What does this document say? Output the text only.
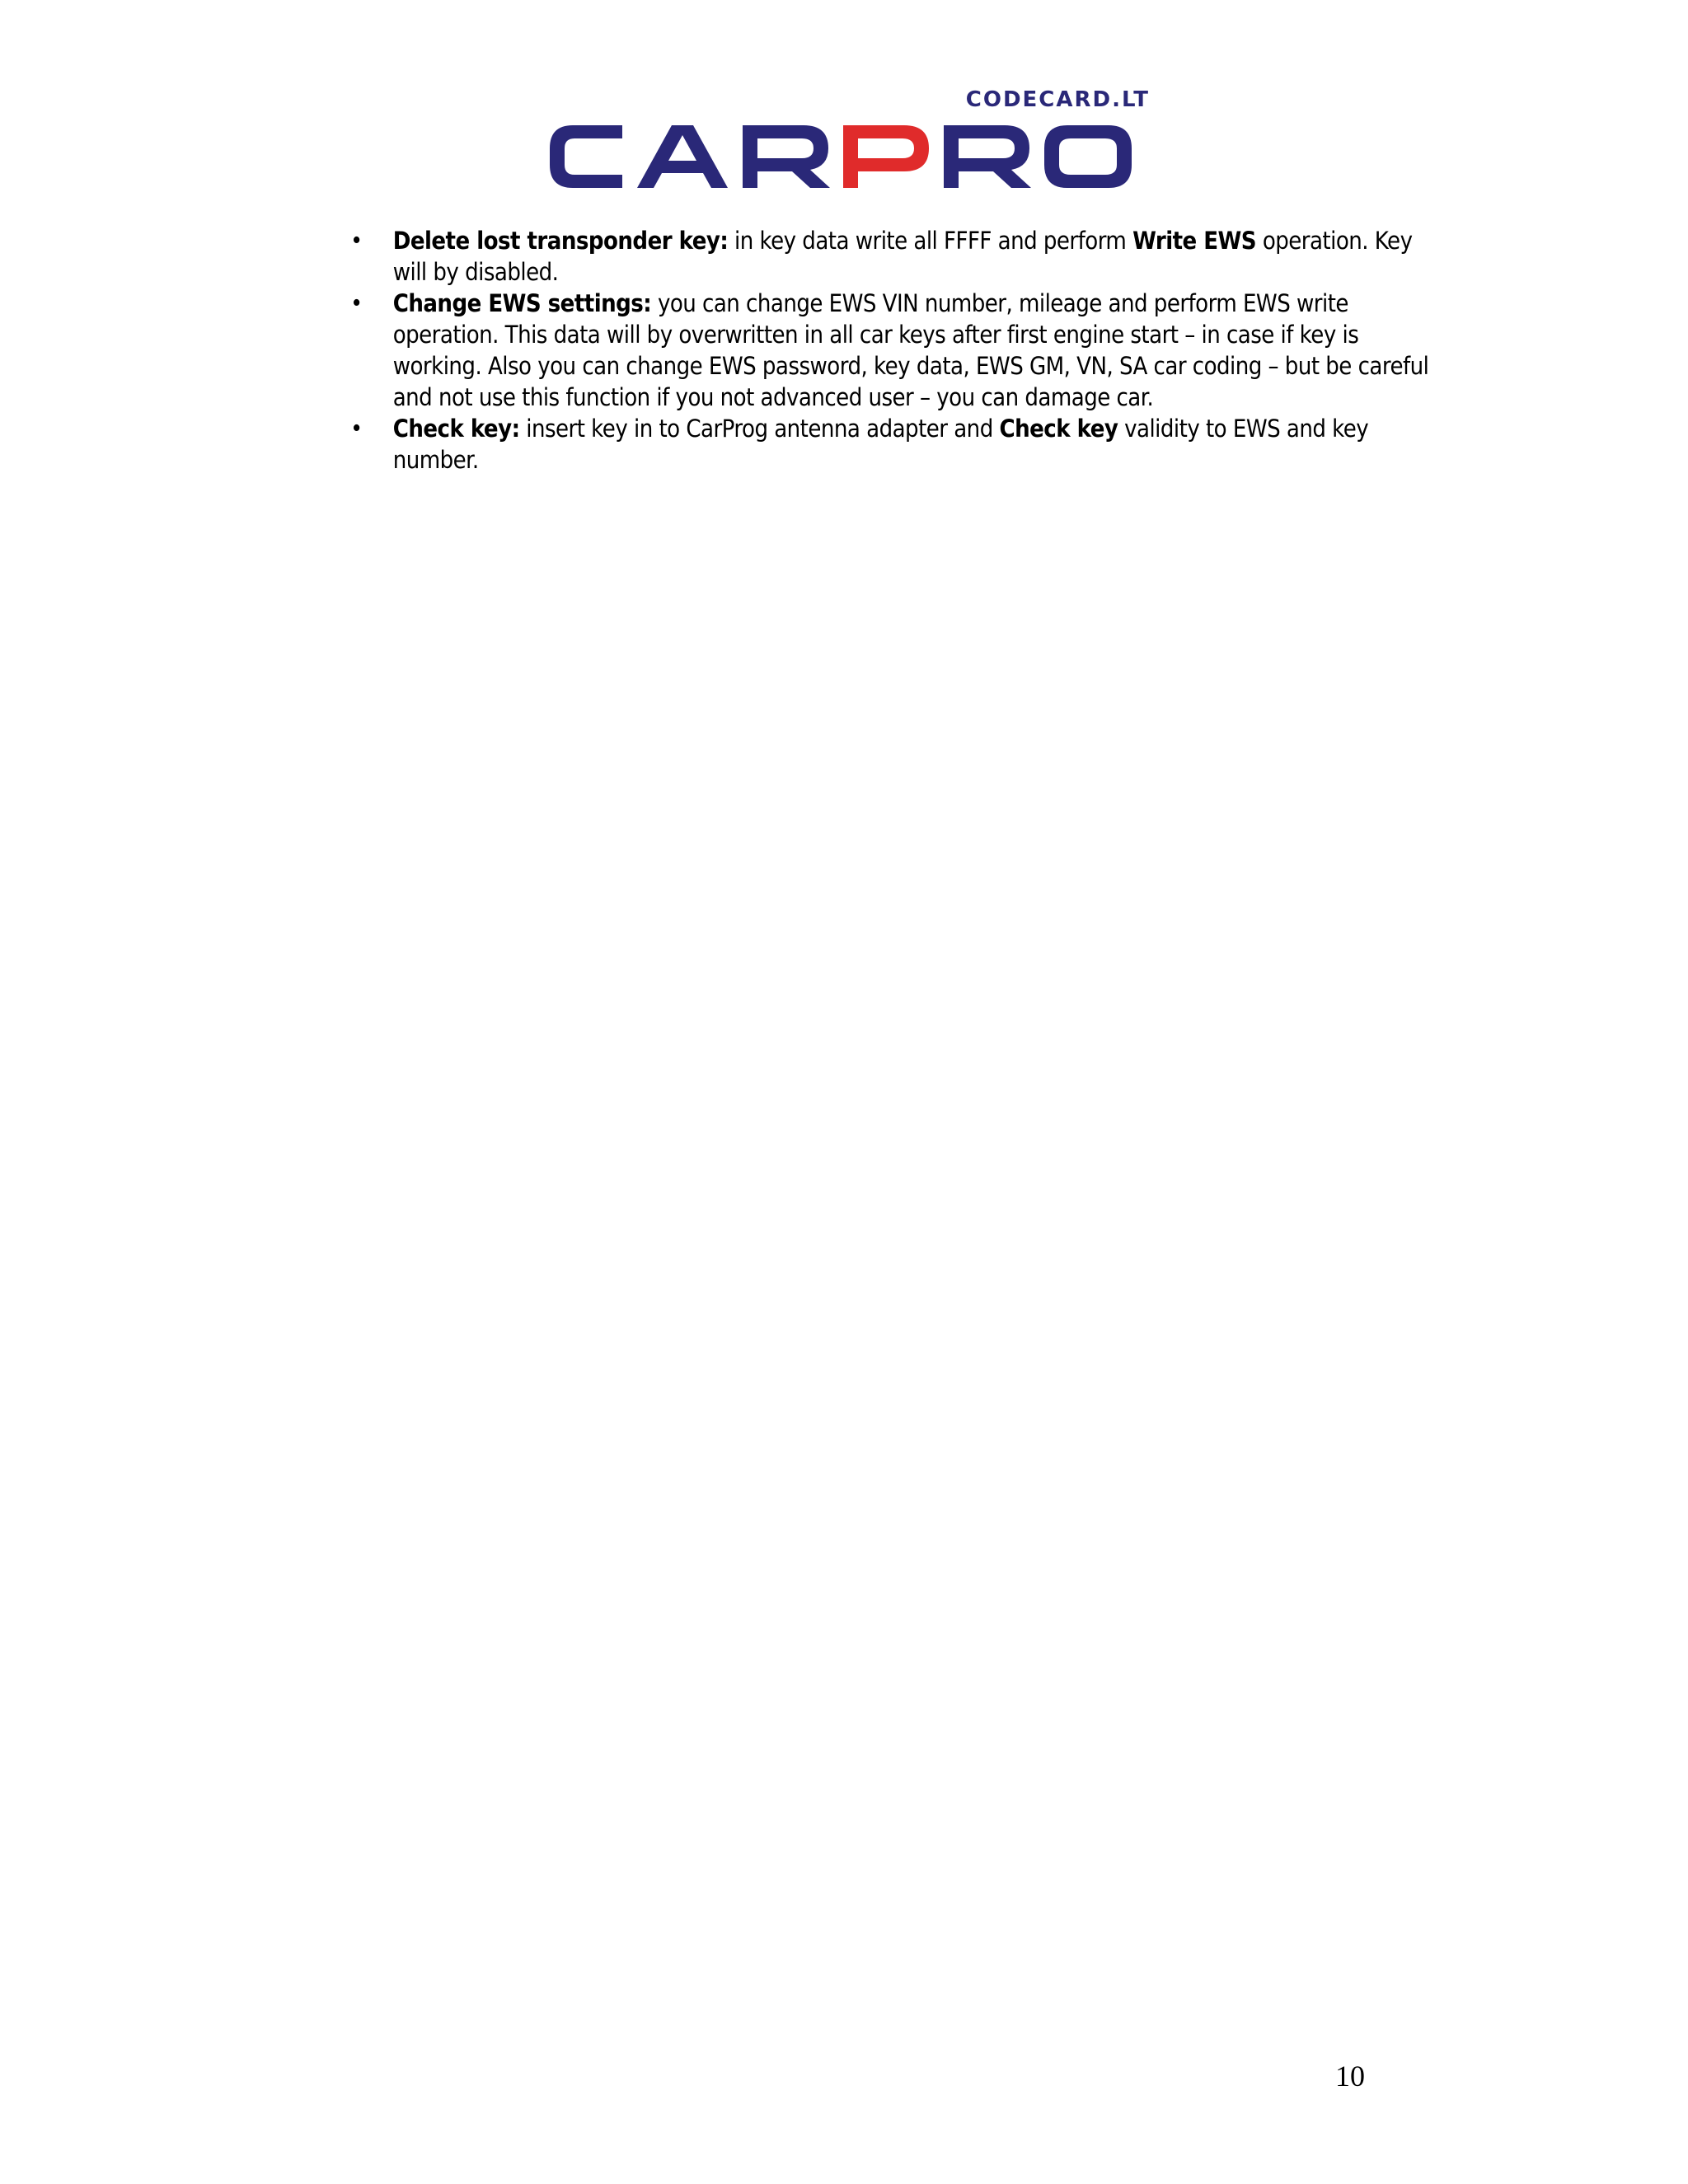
CODECARD.LT
• Delete lost transponder key: in key data write all FFFF and perform Write EWS operation. Key will by disabled.
• Change EWS settings: you can change EWS VIN number, mileage and perform EWS write operation. This data will by overwritten in all car keys after first engine start – in case if key is working. Also you can change EWS password, key data, EWS GM, VN, SA car coding – but be careful and not use this function if you not advanced user – you can damage car.
• Check key: insert key in to CarProg antenna adapter and Check key validity to EWS and key number.
10
